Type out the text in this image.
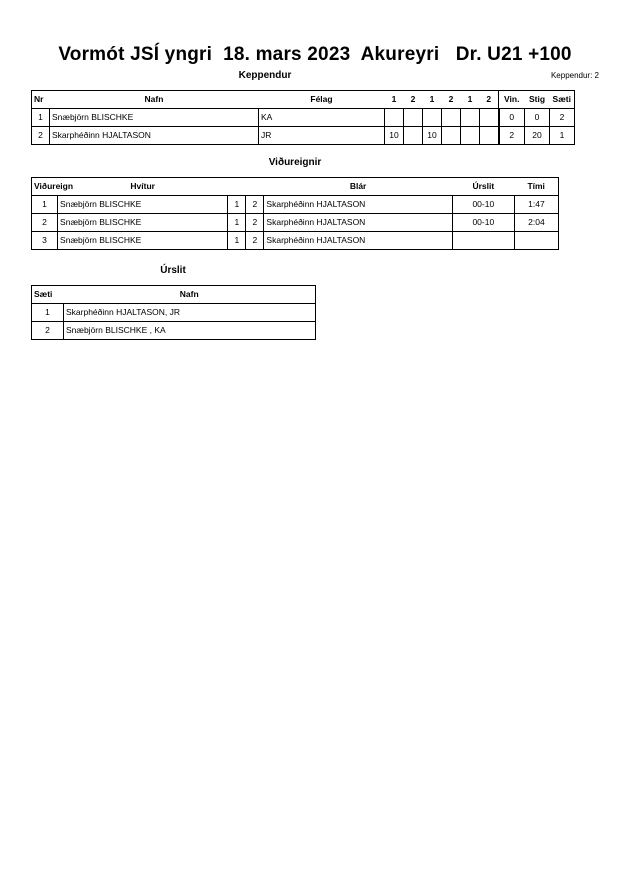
Vormót JSÍ yngri  18. mars 2023  Akureyri   Dr. U21 +100
Keppendur	Keppendur: 2
Nr	Nafn	Félag	1	2	1	2	1	2	Vin.	Stig	Sæti
1	Snæbjörn BLISCHKE	KA							0	0	2
2	Skarphéðinn HJALTASON	JR	10		10				2	20	1
Viðureignir
Viðureign	Hvítur			Blár	Úrslit	Tími
1	Snæbjörn BLISCHKE	1	2	Skarphéðinn HJALTASON	00-10	1:47
2	Snæbjörn BLISCHKE	1	2	Skarphéðinn HJALTASON	00-10	2:04
3	Snæbjörn BLISCHKE	1	2	Skarphéðinn HJALTASON		
Úrslit
Sæti	Nafn
1	Skarphéðinn HJALTASON, JR
2	Snæbjörn BLISCHKE , KA
